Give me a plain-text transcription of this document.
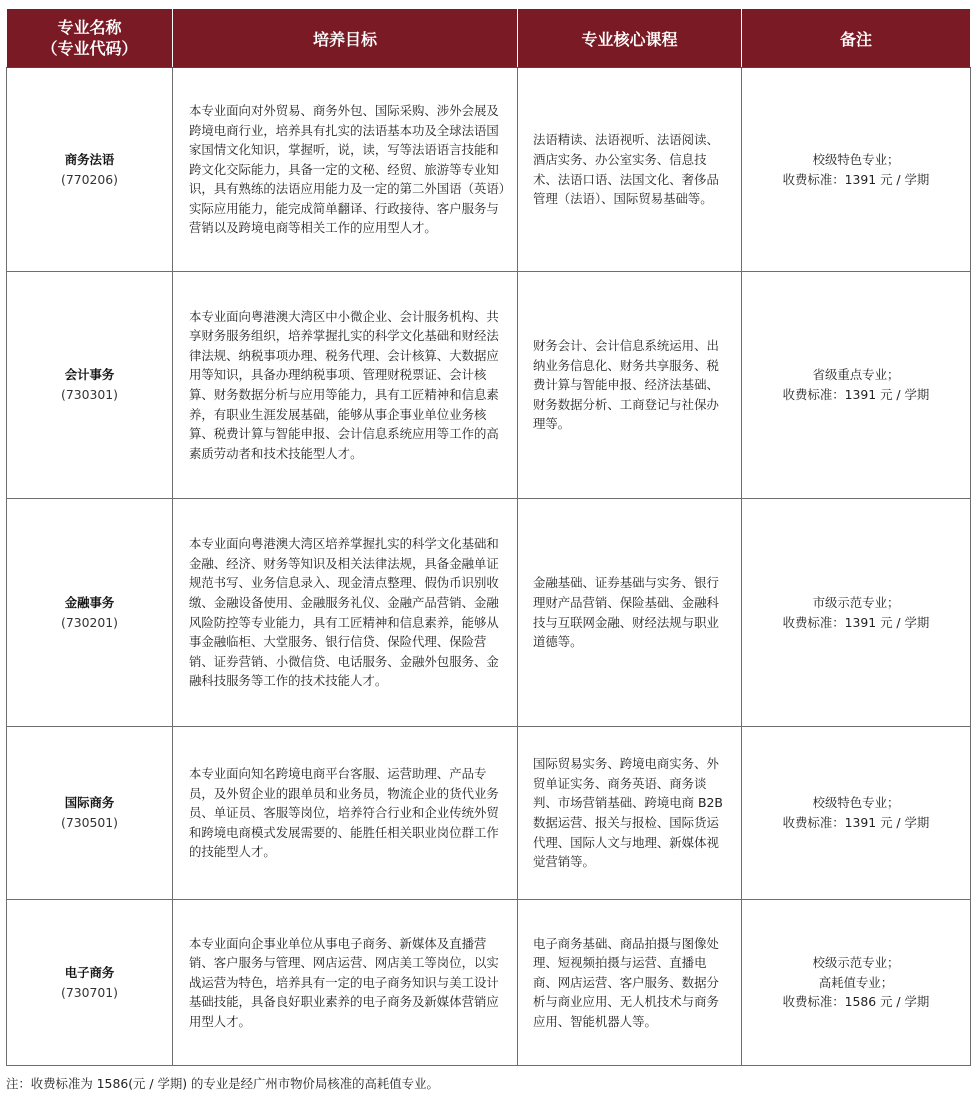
专业名称
（专业代码）	培养目标	专业核心课程	备注

商务法语
(770206)	本专业面向对外贸易、商务外包、国际采购、涉外会展及跨境电商行业，培养具有扎实的法语基本功及全球法语国家国情文化知识，掌握听，说，读，写等法语语言技能和跨文化交际能力，具备一定的文秘、经贸、旅游等专业知识，具有熟练的法语应用能力及一定的第二外国语（英语）实际应用能力，能完成简单翻译、行政接待、客户服务与营销以及跨境电商等相关工作的应用型人才。	法语精读、法语视听、法语阅读、酒店实务、办公室实务、信息技术、法语口语、法国文化、奢侈品管理（法语）、国际贸易基础等。	校级特色专业；
收费标准：1391 元 / 学期

会计事务
(730301)	本专业面向粤港澳大湾区中小微企业、会计服务机构、共享财务服务组织，培养掌握扎实的科学文化基础和财经法律法规、纳税事项办理、税务代理、会计核算、大数据应用等知识，具备办理纳税事项、管理财税票证、会计核算、财务数据分析与应用等能力，具有工匠精神和信息素养，有职业生涯发展基础，能够从事企事业单位业务核算、税费计算与智能申报、会计信息系统应用等工作的高素质劳动者和技术技能型人才。	财务会计、会计信息系统运用、出纳业务信息化、财务共享服务、税费计算与智能申报、经济法基础、财务数据分析、工商登记与社保办理等。	省级重点专业；
收费标准：1391 元 / 学期

金融事务
(730201)	本专业面向粤港澳大湾区培养掌握扎实的科学文化基础和金融、经济、财务等知识及相关法律法规，具备金融单证规范书写、业务信息录入、现金清点整理、假伪币识别收缴、金融设备使用、金融服务礼仪、金融产品营销、金融风险防控等专业能力，具有工匠精神和信息素养，能够从事金融临柜、大堂服务、银行信贷、保险代理、保险营销、证券营销、小微信贷、电话服务、金融外包服务、金融科技服务等工作的技术技能人才。	金融基础、证券基础与实务、银行理财产品营销、保险基础、金融科技与互联网金融、财经法规与职业道德等。	市级示范专业；
收费标准：1391 元 / 学期

国际商务
(730501)	本专业面向知名跨境电商平台客服、运营助理、产品专员，及外贸企业的跟单员和业务员，物流企业的货代业务员、单证员、客服等岗位，培养符合行业和企业传统外贸和跨境电商模式发展需要的、能胜任相关职业岗位群工作的技能型人才。	国际贸易实务、跨境电商实务、外贸单证实务、商务英语、商务谈判、市场营销基础、跨境电商 B2B 数据运营、报关与报检、国际货运代理、国际人文与地理、新媒体视觉营销等。	校级特色专业；
收费标准：1391 元 / 学期

电子商务
(730701)	本专业面向企事业单位从事电子商务、新媒体及直播营销、客户服务与管理、网店运营、网店美工等岗位，以实战运营为特色，培养具有一定的电子商务知识与美工设计基础技能，具备良好职业素养的电子商务及新媒体营销应用型人才。	电子商务基础、商品拍摄与图像处理、短视频拍摄与运营、直播电商、网店运营、客户服务、数据分析与商业应用、无人机技术与商务应用、智能机器人等。	校级示范专业；
高耗值专业；
收费标准：1586 元 / 学期
注：收费标准为 1586(元 / 学期) 的专业是经广州市物价局核准的高耗值专业。
